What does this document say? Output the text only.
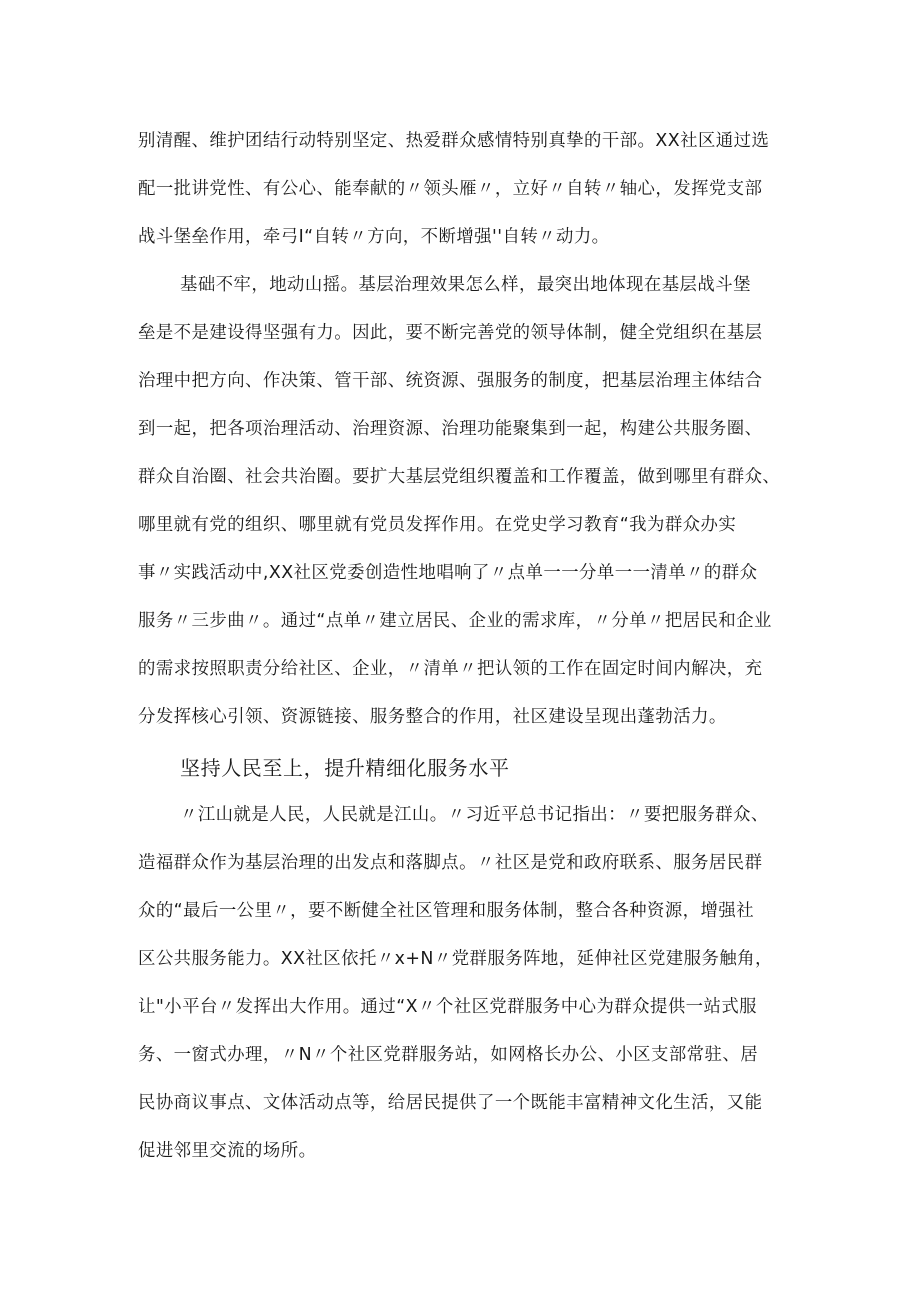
别清醒、维护团结行动特别坚定、热爱群众感情特别真挚的干部。XX社区通过选
配一批讲党性、有公心、能奉献的〃领头雁〃，立好〃自转〃轴心，发挥党支部
战斗堡垒作用，牵弓I“自转〃方向，不断增强''自转〃动力。
基础不牢，地动山摇。基层治理效果怎么样，最突出地体现在基层战斗堡
垒是不是建设得坚强有力。因此，要不断完善党的领导体制，健全党组织在基层
治理中把方向、作决策、管干部、统资源、强服务的制度，把基层治理主体结合
到一起，把各项治理活动、治理资源、治理功能聚集到一起，构建公共服务圈、
群众自治圈、社会共治圈。要扩大基层党组织覆盖和工作覆盖，做到哪里有群众、
哪里就有党的组织、哪里就有党员发挥作用。在党史学习教育“我为群众办实
事〃实践活动中,XX社区党委创造性地唱响了〃点单一一分单一一清单〃的群众
服务〃三步曲〃。通过“点单〃建立居民、企业的需求库，〃分单〃把居民和企业
的需求按照职责分给社区、企业，〃清单〃把认领的工作在固定时间内解决，充
分发挥核心引领、资源链接、服务整合的作用，社区建设呈现出蓬勃活力。
坚持人民至上，提升精细化服务水平
〃江山就是人民，人民就是江山。〃习近平总书记指出：〃要把服务群众、
造福群众作为基层治理的出发点和落脚点。〃社区是党和政府联系、服务居民群
众的“最后一公里〃，要不断健全社区管理和服务体制，整合各种资源，增强社
区公共服务能力。XX社区依托〃x+N〃党群服务阵地，延伸社区党建服务触角，
让"小平台〃发挥出大作用。通过“X〃个社区党群服务中心为群众提供一站式服
务、一窗式办理，〃N〃个社区党群服务站，如网格长办公、小区支部常驻、居
民协商议事点、文体活动点等，给居民提供了一个既能丰富精神文化生活，又能
促进邻里交流的场所。
